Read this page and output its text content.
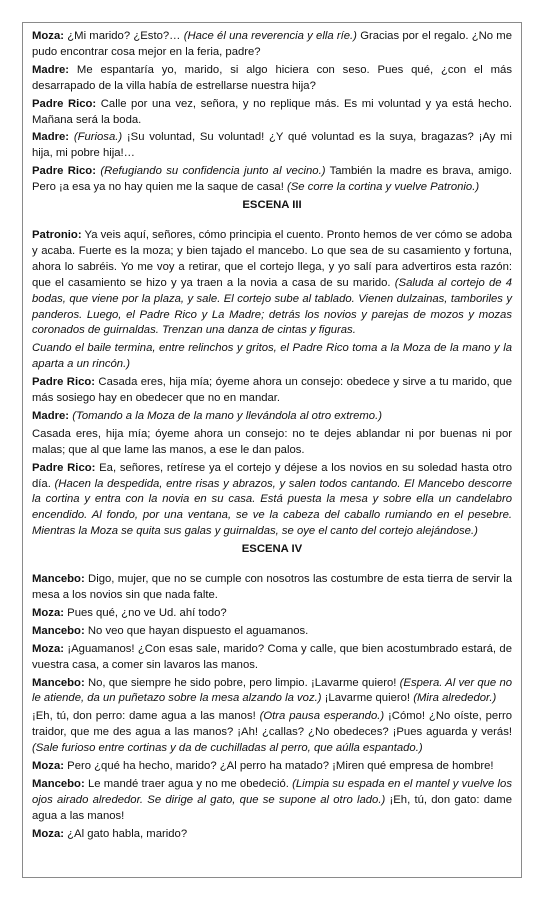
Moza: ¿Mi marido? ¿Esto?… (Hace él una reverencia y ella ríe.) Gracias por el regalo. ¿No me pudo encontrar cosa mejor en la feria, padre?

Madre: Me espantaría yo, marido, si algo hiciera con seso. Pues qué, ¿con el más desarrapado de la villa había de estrellarse nuestra hija?

Padre Rico: Calle por una vez, señora, y no replique más. Es mi voluntad y ya está hecho. Mañana será la boda.

Madre: (Furiosa.) ¡Su voluntad, Su voluntad! ¿Y qué voluntad es la suya, bragazas? ¡Ay mi hija, mi pobre hija!…

Padre Rico: (Refugiando su confidencia junto al vecino.) También la madre es brava, amigo. Pero ¡a esa ya no hay quien me la saque de casa! (Se corre la cortina y vuelve Patronio.)

ESCENA III

Patronio: Ya veis aquí, señores, cómo principia el cuento. Pronto hemos de ver cómo se adoba y acaba. Fuerte es la moza; y bien tajado el mancebo. Lo que sea de su casamiento y fortuna, ahora lo sabréis. Yo me voy a retirar, que el cortejo llega, y yo salí para advertiros esta razón: que el casamiento se hizo y ya traen a la novia a casa de su marido. (Saluda al cortejo de 4 bodas, que viene por la plaza, y sale. El cortejo sube al tablado. Vienen dulzainas, tamboriles y panderos. Luego, el Padre Rico y La Madre; detrás los novios y parejas de mozos y mozas coronados de guirnaldas. Trenzan una danza de cintas y figuras.

Cuando el baile termina, entre relinchos y gritos, el Padre Rico toma a la Moza de la mano y la aparta a un rincón.)

Padre Rico: Casada eres, hija mía; óyeme ahora un consejo: obedece y sirve a tu marido, que más sosiego hay en obedecer que no en mandar.

Madre: (Tomando a la Moza de la mano y llevándola al otro extremo.)

Casada eres, hija mía; óyeme ahora un consejo: no te dejes ablandar ni por buenas ni por malas; que al que lame las manos, a ese le dan palos.

Padre Rico: Ea, señores, retírese ya el cortejo y déjese a los novios en su soledad hasta otro día. (Hacen la despedida, entre risas y abrazos, y salen todos cantando. El Mancebo descorre la cortina y entra con la novia en su casa. Está puesta la mesa y sobre ella un candelabro encendido. Al fondo, por una ventana, se ve la cabeza del caballo rumiando en el pesebre. Mientras la Moza se quita sus galas y guirnaldas, se oye el canto del cortejo alejándose.)

ESCENA IV

Mancebo: Digo, mujer, que no se cumple con nosotros las costumbre de esta tierra de servir la mesa a los novios sin que nada falte.

Moza: Pues qué, ¿no ve Ud. ahí todo?

Mancebo: No veo que hayan dispuesto el aguamanos.

Moza: ¡Aguamanos! ¿Con esas sale, marido? Coma y calle, que bien acostumbrado estará, de vuestra casa, a comer sin lavaros las manos.

Mancebo: No, que siempre he sido pobre, pero limpio. ¡Lavarme quiero! (Espera. Al ver que no le atiende, da un puñetazo sobre la mesa alzando la voz.) ¡Lavarme quiero! (Mira alrededor.)

¡Eh, tú, don perro: dame agua a las manos! (Otra pausa esperando.) ¡Cómo! ¿No oíste, perro traidor, que me des agua a las manos? ¡Ah! ¿callas? ¿No obedeces? ¡Pues aguarda y verás! (Sale furioso entre cortinas y da de cuchilladas al perro, que aúlla espantado.)

Moza: Pero ¿qué ha hecho, marido? ¿Al perro ha matado? ¡Miren qué empresa de hombre!

Mancebo: Le mandé traer agua y no me obedeció. (Limpia su espada en el mantel y vuelve los ojos airado alrededor. Se dirige al gato, que se supone al otro lado.) ¡Eh, tú, don gato: dame agua a las manos!

Moza: ¿Al gato habla, marido?
